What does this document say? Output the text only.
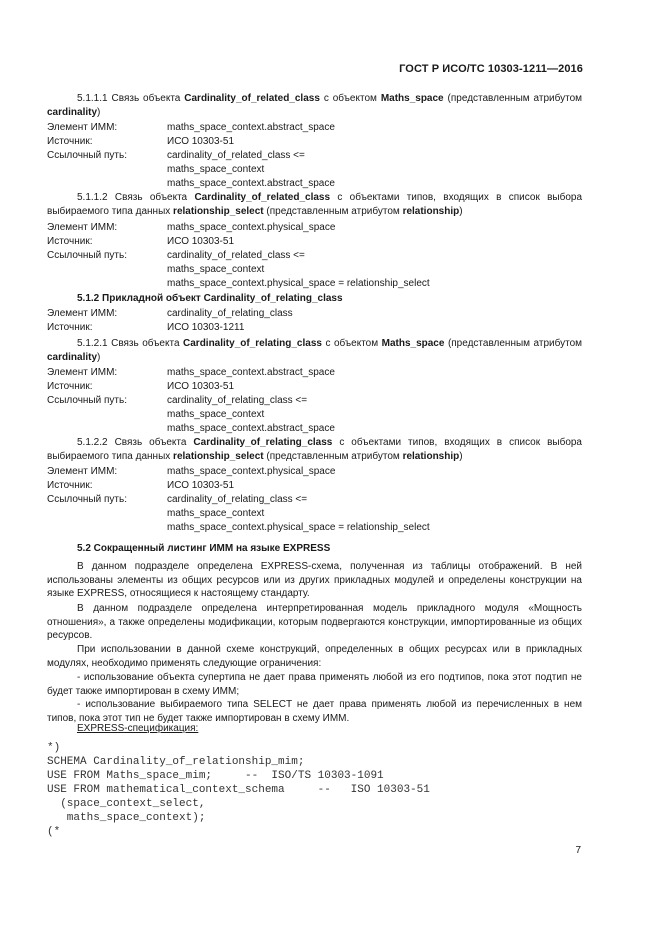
ГОСТ Р ИСО/ТС 10303-1211—2016
5.1.1.1 Связь объекта Cardinality_of_related_class с объектом Maths_space (представленным атрибутом cardinality)
Элемент ИММ:	maths_space_context.abstract_space
Источник:	ИСО 10303-51
Ссылочный путь:	cardinality_of_related_class <=
maths_space_context
maths_space_context.abstract_space
5.1.1.2 Связь объекта Cardinality_of_related_class с объектами типов, входящих в список выбора выбираемого типа данных relationship_select (представленным атрибутом relationship)
Элемент ИММ:	maths_space_context.physical_space
Источник:	ИСО 10303-51
Ссылочный путь:	cardinality_of_related_class <=
maths_space_context
maths_space_context.physical_space = relationship_select
5.1.2 Прикладной объект Cardinality_of_relating_class
Элемент ИММ:	cardinality_of_relating_class
Источник:	ИСО 10303-1211
5.1.2.1 Связь объекта Cardinality_of_relating_class с объектом Maths_space (представленным атрибутом cardinality)
Элемент ИММ:	maths_space_context.abstract_space
Источник:	ИСО 10303-51
Ссылочный путь:	cardinality_of_relating_class <=
maths_space_context
maths_space_context.abstract_space
5.1.2.2 Связь объекта Cardinality_of_relating_class с объектами типов, входящих в список выбора выбираемого типа данных relationship_select (представленным атрибутом relationship)
Элемент ИММ:	maths_space_context.physical_space
Источник:	ИСО 10303-51
Ссылочный путь:	cardinality_of_relating_class <=
maths_space_context
maths_space_context.physical_space = relationship_select
5.2 Сокращенный листинг ИММ на языке EXPRESS
В данном подразделе определена EXPRESS-схема, полученная из таблицы отображений. В ней использованы элементы из общих ресурсов или из других прикладных модулей и определены конструкции на языке EXPRESS, относящиеся к настоящему стандарту.
В данном подразделе определена интерпретированная модель прикладного модуля «Мощность отношения», а также определены модификации, которым подвергаются конструкции, импортированные из общих ресурсов.
При использовании в данной схеме конструкций, определенных в общих ресурсах или в прикладных модулях, необходимо применять следующие ограничения:
- использование объекта супертипа не дает права применять любой из его подтипов, пока этот подтип не будет также импортирован в схему ИММ;
- использование выбираемого типа SELECT не дает права применять любой из перечисленных в нем типов, пока этот тип не будет также импортирован в схему ИММ.
EXPRESS-спецификация:
*)
SCHEMA Cardinality_of_relationship_mim;
USE FROM Maths_space_mim;     --  ISO/TS 10303-1091
USE FROM mathematical_context_schema     --   ISO 10303-51
(space_context_select,
maths_space_context);
(*
7
